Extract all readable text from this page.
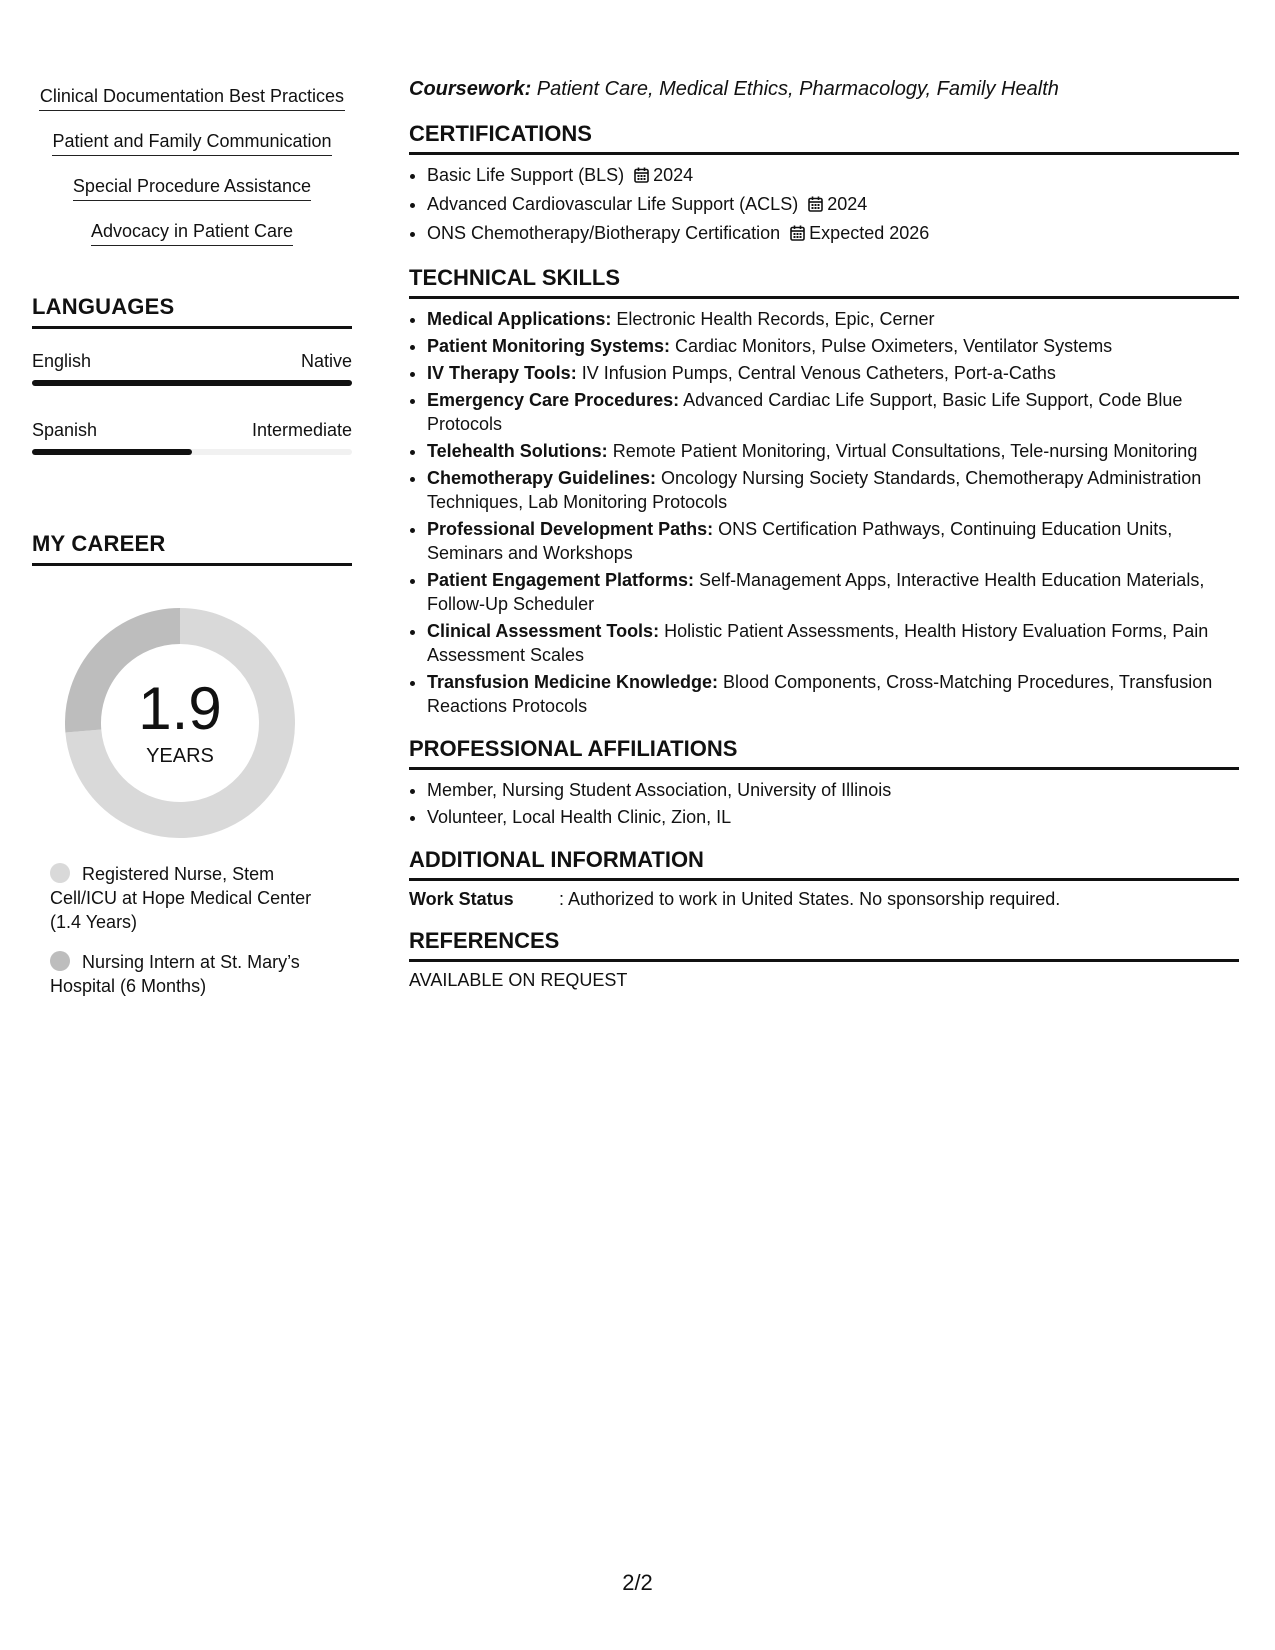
Clinical Documentation Best Practices
Patient and Family Communication
Special Procedure Assistance
Advocacy in Patient Care
LANGUAGES
English	Native
Spanish	Intermediate
MY CAREER
1.9
YEARS
Registered Nurse, Stem Cell/ICU at Hope Medical Center (1.4 Years)
Nursing Intern at St. Mary’s Hospital (6 Months)

Coursework: Patient Care, Medical Ethics, Pharmacology, Family Health

CERTIFICATIONS
• Basic Life Support (BLS) 2024
• Advanced Cardiovascular Life Support (ACLS) 2024
• ONS Chemotherapy/Biotherapy Certification Expected 2026
TECHNICAL SKILLS
• Medical Applications: Electronic Health Records, Epic, Cerner
• Patient Monitoring Systems: Cardiac Monitors, Pulse Oximeters, Ventilator Systems
• IV Therapy Tools: IV Infusion Pumps, Central Venous Catheters, Port-a-Caths
• Emergency Care Procedures: Advanced Cardiac Life Support, Basic Life Support, Code Blue Protocols
• Telehealth Solutions: Remote Patient Monitoring, Virtual Consultations, Tele-nursing Monitoring
• Chemotherapy Guidelines: Oncology Nursing Society Standards, Chemotherapy Administration Techniques, Lab Monitoring Protocols
• Professional Development Paths: ONS Certification Pathways, Continuing Education Units, Seminars and Workshops
• Patient Engagement Platforms: Self-Management Apps, Interactive Health Education Materials, Follow-Up Scheduler
• Clinical Assessment Tools: Holistic Patient Assessments, Health History Evaluation Forms, Pain Assessment Scales
• Transfusion Medicine Knowledge: Blood Components, Cross-Matching Procedures, Transfusion Reactions Protocols
PROFESSIONAL AFFILIATIONS
• Member, Nursing Student Association, University of Illinois
• Volunteer, Local Health Clinic, Zion, IL
ADDITIONAL INFORMATION
Work Status	: Authorized to work in United States. No sponsorship required.
REFERENCES
AVAILABLE ON REQUEST
2/2
